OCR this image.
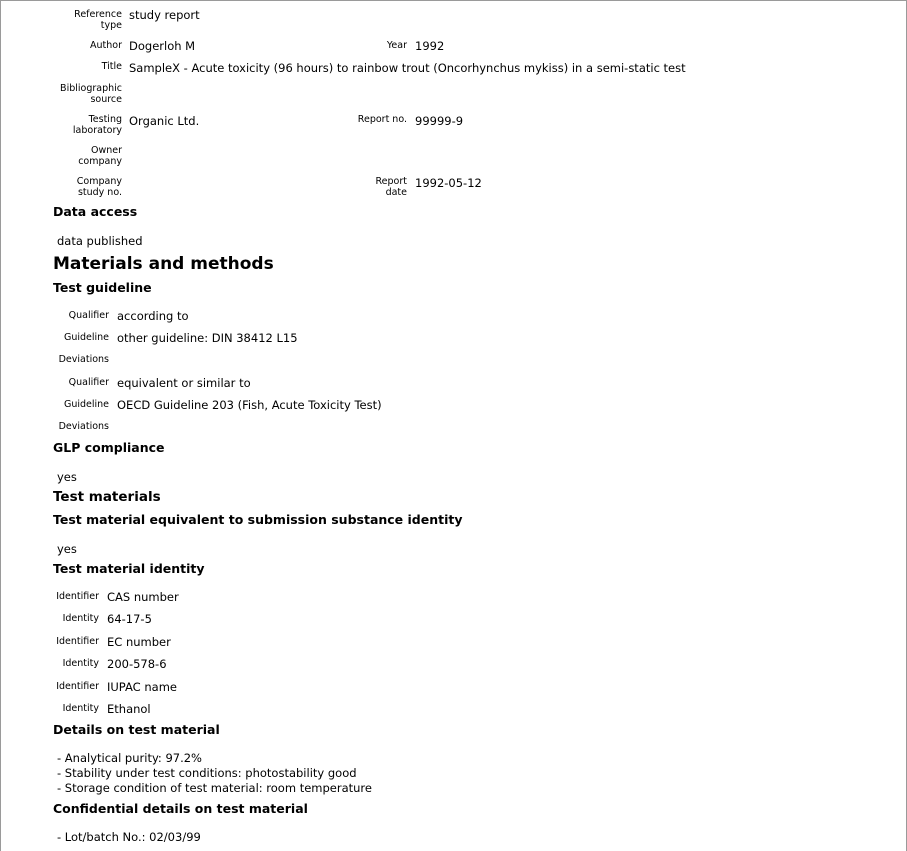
Reference type
study report
Author Dogerloh M	Year 1992
Title SampleX - Acute toxicity (96 hours) to rainbow trout (Oncorhynchus mykiss) in a semi-static test
Bibliographic source
Testing laboratory
Organic Ltd.	Report no. 99999-9
Owner company
Company study no.
Report date
1992-05-12
Data access
data published
Materials and methods
Test guideline
Qualifier according to
Guideline other guideline: DIN 38412 L15
Deviations
Qualifier equivalent or similar to
Guideline OECD Guideline 203 (Fish, Acute Toxicity Test)
Deviations
GLP compliance
yes
Test materials
Test material equivalent to submission substance identity
yes
Test material identity
Identifier CAS number
Identity 64-17-5
Identifier EC number
Identity 200-578-6
Identifier IUPAC name
Identity Ethanol
Details on test material
- Analytical purity: 97.2%
- Stability under test conditions: photostability good
- Storage condition of test material: room temperature
Confidential details on test material
- Lot/batch No.: 02/03/99
